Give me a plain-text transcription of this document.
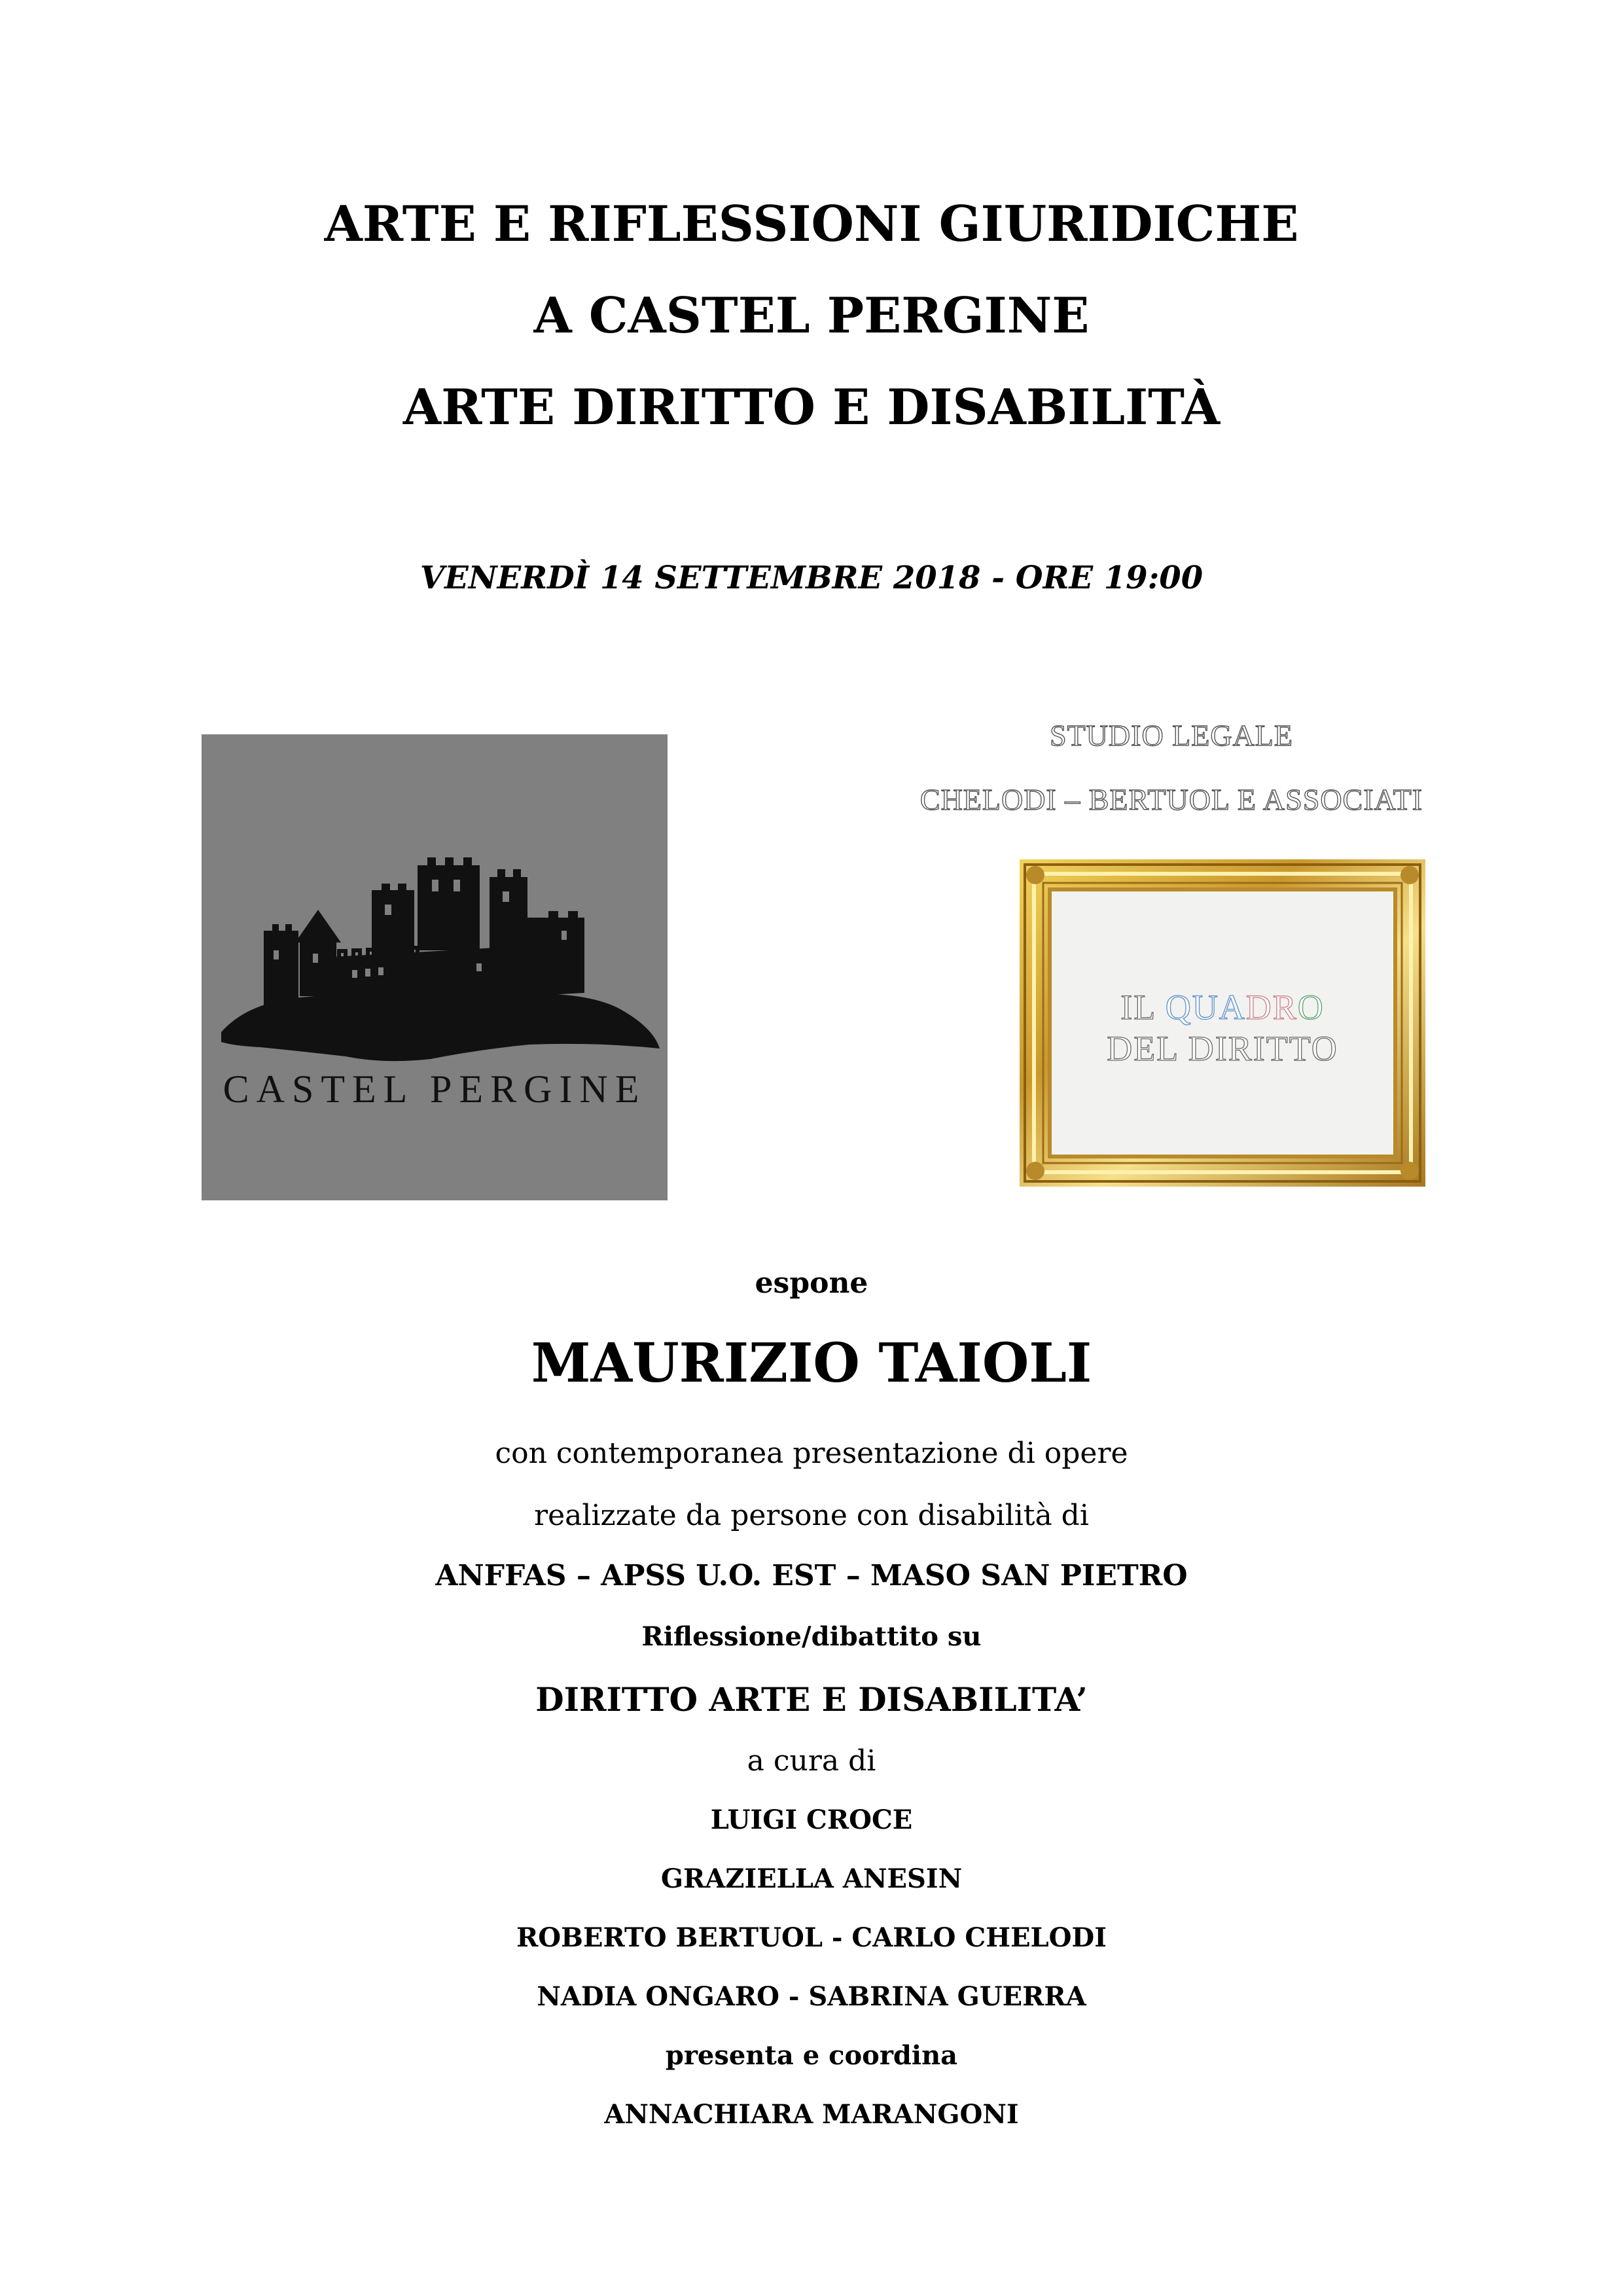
ARTE E RIFLESSIONI GIURIDICHE
A CASTEL PERGINE
ARTE DIRITTO E DISABILITÀ
VENERDÌ 14 SETTEMBRE 2018 - ORE 19:00
CASTEL PERGINE
STUDIO LEGALE
CHELODI – BERTUOL E ASSOCIATI
IL QUADRO
DEL DIRITTO
espone
MAURIZIO TAIOLI
con contemporanea presentazione di opere
realizzate da persone con disabilità di
ANFFAS – APSS U.O. EST – MASO SAN PIETRO
Riflessione/dibattito su
DIRITTO ARTE E DISABILITA’
a cura di
LUIGI CROCE
GRAZIELLA ANESIN
ROBERTO BERTUOL - CARLO CHELODI
NADIA ONGARO - SABRINA GUERRA
presenta e coordina
ANNACHIARA MARANGONI
